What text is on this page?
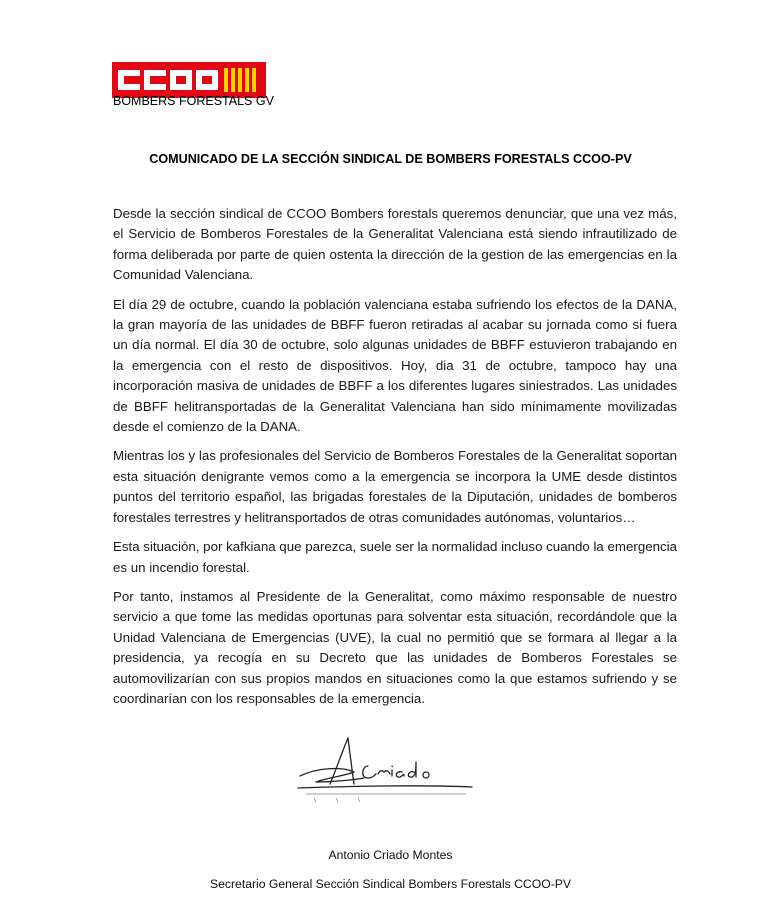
BOMBERS FORESTALS GV
COMUNICADO DE LA SECCIÓN SINDICAL DE BOMBERS FORESTALS CCOO-PV

Desde la sección sindical de CCOO Bombers forestals queremos denunciar, que una vez más, el Servicio de Bomberos Forestales de la Generalitat Valenciana está siendo infrautilizado de forma deliberada por parte de quien ostenta la dirección de la gestion de las emergencias en la Comunidad Valenciana.

El día 29 de octubre, cuando la población valenciana estaba sufriendo los efectos de la DANA, la gran mayoría de las unidades de BBFF fueron retiradas al acabar su jornada como si fuera un día normal. El día 30 de octubre, solo algunas unidades de BBFF estuvieron trabajando en la emergencia con el resto de dispositivos. Hoy, dia 31 de octubre, tampoco hay una incorporación masiva de unidades de BBFF a los diferentes lugares siniestrados. Las unidades de BBFF helitransportadas de la Generalitat Valenciana han sido mínimamente movilizadas desde el comienzo de la DANA.

Mientras los y las profesionales del Servicio de Bomberos Forestales de la Generalitat soportan esta situación denigrante vemos como a la emergencia se incorpora la UME desde distintos puntos del territorio español, las brigadas forestales de la Diputación, unidades de bomberos forestales terrestres y helitransportados de otras comunidades autónomas, voluntarios…

Esta situación, por kafkiana que parezca, suele ser la normalidad incluso cuando la emergencia es un incendio forestal.

Por tanto, instamos al Presidente de la Generalitat, como máximo responsable de nuestro servicio a que tome las medidas oportunas para solventar esta situación, recordándole que la Unidad Valenciana de Emergencias (UVE), la cual no permitió que se formara al llegar a la presidencia, ya recogía en su Decreto que las unidades de Bomberos Forestales se automovilizarían con sus propios mandos en situaciones como la que estamos sufriendo y se coordinarían con los responsables de la emergencia.

Antonio Criado Montes
Secretario General Sección Sindical Bombers Forestals CCOO-PV
